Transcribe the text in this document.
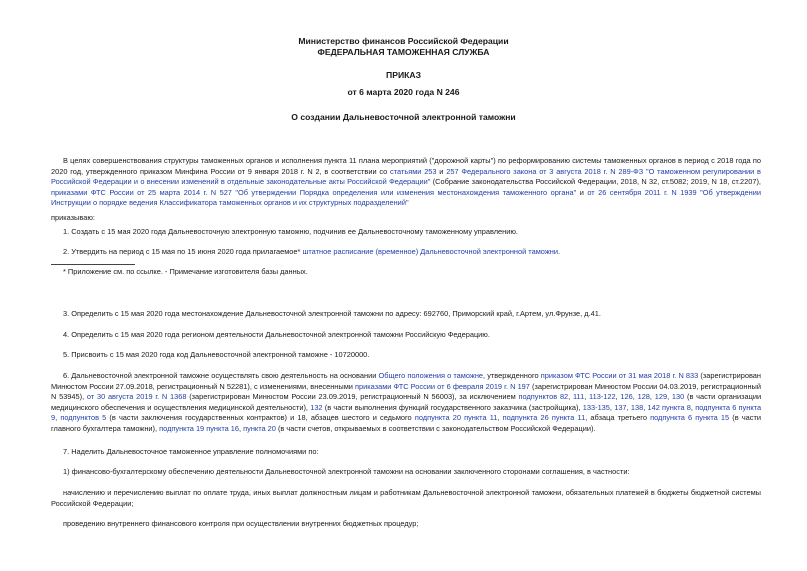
Министерство финансов Российской Федерации
ФЕДЕРАЛЬНАЯ ТАМОЖЕННАЯ СЛУЖБА
ПРИКАЗ
от 6 марта 2020 года N 246
О создании Дальневосточной электронной таможни

В целях совершенствования структуры таможенных органов и исполнения пункта 11 плана мероприятий ("дорожной карты") по реформированию системы таможенных органов в период с 2018 года по 2020 год, утвержденного приказом Минфина России от 9 января 2018 г. N 2, в соответствии со статьями 253 и 257 Федерального закона от 3 августа 2018 г. N 289-ФЗ "О таможенном регулировании в Российской Федерации и о внесении изменений в отдельные законодательные акты Российской Федерации" (Собрание законодательства Российской Федерации, 2018, N 32, ст.5082; 2019, N 18, ст.2207), приказами ФТС России от 25 марта 2014 г. N 527 "Об утверждении Порядка определения или изменения местонахождения таможенного органа" и от 26 сентября 2011 г. N 1939 "Об утверждении Инструкции о порядке ведения Классификатора таможенных органов и их структурных подразделений"

приказываю:

1. Создать с 15 мая 2020 года Дальневосточную электронную таможню, подчинив ее Дальневосточному таможенному управлению.

2. Утвердить на период с 15 мая по 15 июня 2020 года прилагаемое* штатное расписание (временное) Дальневосточной электронной таможни.

* Приложение см. по ссылке. - Примечание изготовителя базы данных.

3. Определить с 15 мая 2020 года местонахождение Дальневосточной электронной таможни по адресу: 692760, Приморский край, г.Артем, ул.Фрунзе, д.41.

4. Определить с 15 мая 2020 года регионом деятельности Дальневосточной электронной таможни Российскую Федерацию.

5. Присвоить с 15 мая 2020 года код Дальневосточной электронной таможне - 10720000.

6. Дальневосточной электронной таможне осуществлять свою деятельность на основании Общего положения о таможне, утвержденного приказом ФТС России от 31 мая 2018 г. N 833 (зарегистрирован Минюстом России 27.09.2018, регистрационный N 52281), с изменениями, внесенными приказами ФТС России от 6 февраля 2019 г. N 197 (зарегистрирован Минюстом России 04.03.2019, регистрационный N 53945), от 30 августа 2019 г. N 1368 (зарегистрирован Минюстом России 23.09.2019, регистрационный N 56003), за исключением подпунктов 82, 111, 113-122, 126, 128, 129, 130 (в части организации медицинского обеспечения и осуществления медицинской деятельности), 132 (в части выполнения функций государственного заказчика (застройщика), 133-135, 137, 138, 142 пункта 8, подпункта 6 пункта 9, подпунктов 5 (в части заключения государственных контрактов) и 18, абзацев шестого и седьмого подпункта 20 пункта 11, подпункта 26 пункта 11, абзаца третьего подпункта 6 пункта 15 (в части главного бухгалтера таможни), подпункта 19 пункта 16, пункта 20 (в части счетов, открываемых в соответствии с законодательством Российской Федерации).

7. Наделить Дальневосточное таможенное управление полномочиями по:

1) финансово-бухгалтерскому обеспечению деятельности Дальневосточной электронной таможни на основании заключенного сторонами соглашения, в частности:

начислению и перечислению выплат по оплате труда, иных выплат должностным лицам и работникам Дальневосточной электронной таможни, обязательных платежей в бюджеты бюджетной системы Российской Федерации;

проведению внутреннего финансового контроля при осуществлении внутренних бюджетных процедур;
